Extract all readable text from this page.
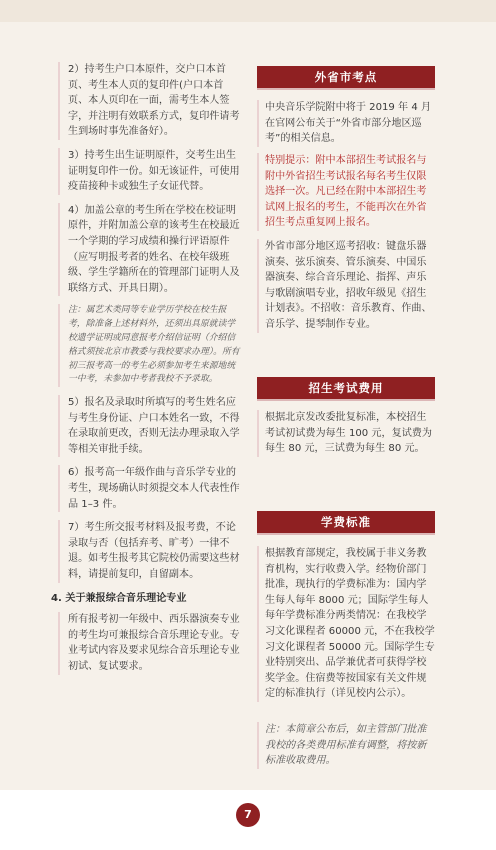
2）持考生户口本原件，交户口本首页、考生本人页的复印件(户口本首页、本人页印在一面，需考生本人签字，并注明有效联系方式，复印件请考生到场时事先准备好）。
3）持考生出生证明原件，交考生出生证明复印件一份。如无该证件，可使用疫苗接种卡或独生子女证代替。
4）加盖公章的考生所在学校在校证明原件，并附加盖公章的该考生在校最近一个学期的学习成绩和操行评语原件（应写明报考者的姓名、在校年级班级、学生学籍所在的管理部门证明人及联络方式、开具日期）。
注：属艺术类同等专业学历学校在校生报考，除准备上述材料外，还须出具原就读学校遗学证明或同意报考介绍信证明（介绍信格式须按北京市教委与我校要求办理）。所有初三报考高一的考生必须参加考生来源地统一中考，未参加中考者我校不予录取。
5）报名及录取时所填写的考生姓名应与考生身份证、户口本姓名一致，不得在录取前更改，否则无法办理录取入学等相关审批手续。
6）报考高一年级作曲与音乐学专业的考生，现场确认时须提交本人代表性作品 1–3 件。
7）考生所交报考材料及报考费，不论录取与否（包括弃考、旷考）一律不退。如考生报考其它院校仍需要这些材料，请提前复印，自留副本。
4. 关于兼报综合音乐理论专业
所有报考初一年级中、西乐器演奏专业的考生均可兼报综合音乐理论专业。专业考试内容及要求见综合音乐理论专业初试、复试要求。
外省市考点
中央音乐学院附中将于 2019 年 4 月在官网公布关于“外省市部分地区巡考”的相关信息。
特别提示：附中本部招生考试报名与附中外省招生考试报名每名考生仅限选择一次。凡已经在附中本部招生考试网上报名的考生，不能再次在外省招生考点重复网上报名。
外省市部分地区巡考招收：键盘乐器演奏、弦乐演奏、管乐演奏、中国乐器演奏、综合音乐理论、指挥、声乐与歌剧演唱专业，招收年级见《招生计划表》。不招收：音乐教育、作曲、音乐学、提琴制作专业。
招生考试费用
根据北京发改委批复标准，本校招生考试初试费为每生 100 元，复试费为每生 80 元，三试费为每生 80 元。
学费标准
根据教育部规定，我校属于非义务教育机构，实行收费入学。经物价部门批准，现执行的学费标准为：国内学生每人每年 8000 元；国际学生每人每年学费标准分两类情况：在我校学习文化课程者 60000 元，不在我校学习文化课程者 50000 元。国际学生专业特别突出、品学兼优者可获得学校奖学金。住宿费等按国家有关文件规定的标准执行（详见校内公示）。
注：本简章公布后，如主管部门批准我校的各类费用标准有调整，将按新标准收取费用。
7
